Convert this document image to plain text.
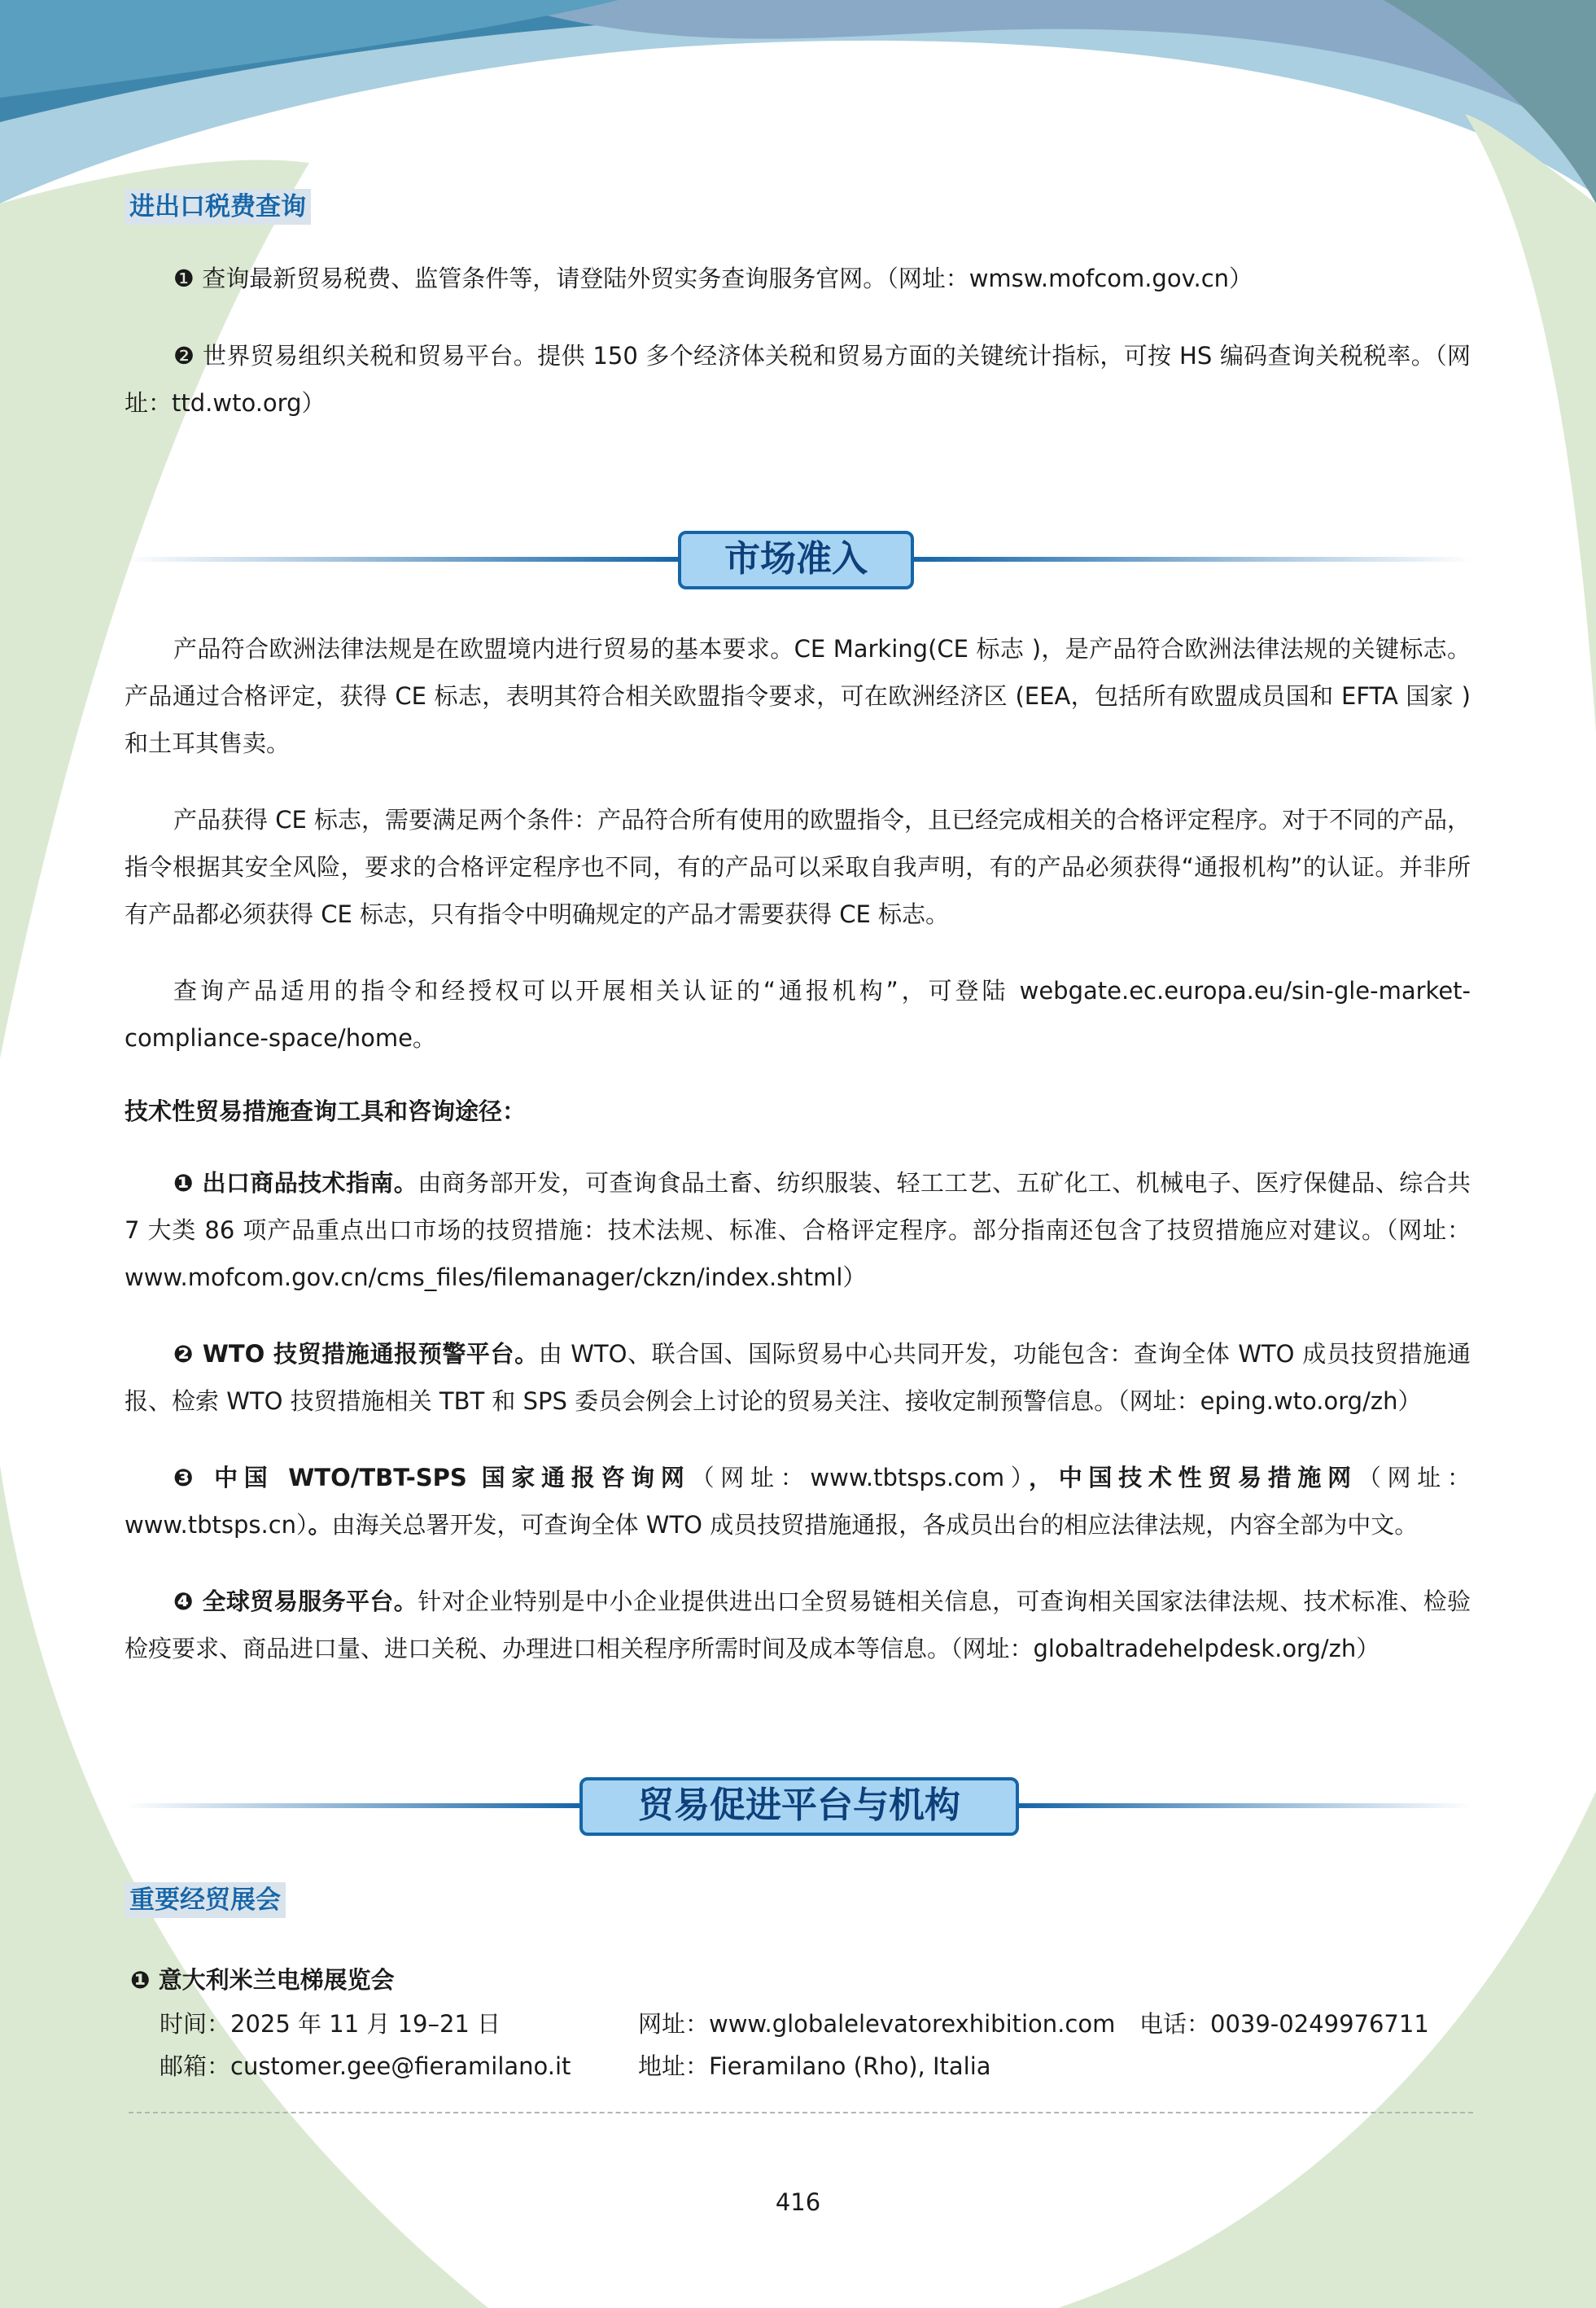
进出口税费查询

❶ 查询最新贸易税费、监管条件等，请登陆外贸实务查询服务官网。（网址：wmsw.mofcom.gov.cn）

❷ 世界贸易组织关税和贸易平台。提供 150 多个经济体关税和贸易方面的关键统计指标，可按 HS 编码查询关税税率。（网址：ttd.wto.org）

市场准入

产品符合欧洲法律法规是在欧盟境内进行贸易的基本要求。CE Marking(CE 标志 )，是产品符合欧洲法律法规的关键标志。产品通过合格评定，获得 CE 标志，表明其符合相关欧盟指令要求，可在欧洲经济区 (EEA，包括所有欧盟成员国和 EFTA 国家 ) 和土耳其售卖。

产品获得 CE 标志，需要满足两个条件：产品符合所有使用的欧盟指令，且已经完成相关的合格评定程序。对于不同的产品，指令根据其安全风险，要求的合格评定程序也不同，有的产品可以采取自我声明，有的产品必须获得“通报机构”的认证。并非所有产品都必须获得 CE 标志，只有指令中明确规定的产品才需要获得 CE 标志。

查询产品适用的指令和经授权可以开展相关认证的“通报机构”，可登陆 webgate.ec.europa.eu/sin-gle-market-compliance-space/home。

技术性贸易措施查询工具和咨询途径：

❶ 出口商品技术指南。由商务部开发，可查询食品土畜、纺织服装、轻工工艺、五矿化工、机械电子、医疗保健品、综合共 7 大类 86 项产品重点出口市场的技贸措施：技术法规、标准、合格评定程序。部分指南还包含了技贸措施应对建议。（网址：www.mofcom.gov.cn/cms_files/filemanager/ckzn/index.shtml）

❷ WTO 技贸措施通报预警平台。由 WTO、联合国、国际贸易中心共同开发，功能包含：查询全体 WTO 成员技贸措施通报、检索 WTO 技贸措施相关 TBT 和 SPS 委员会例会上讨论的贸易关注、接收定制预警信息。（网址：eping.wto.org/zh）

❸ 中国 WTO/TBT-SPS 国家通报咨询网（网址：www.tbtsps.com），中国技术性贸易措施网（网址：www.tbtsps.cn）。由海关总署开发，可查询全体 WTO 成员技贸措施通报，各成员出台的相应法律法规，内容全部为中文。

❹ 全球贸易服务平台。针对企业特别是中小企业提供进出口全贸易链相关信息，可查询相关国家法律法规、技术标准、检验检疫要求、商品进口量、进口关税、办理进口相关程序所需时间及成本等信息。（网址：globaltradehelpdesk.org/zh）

贸易促进平台与机构
重要经贸展会
❶ 意大利米兰电梯展览会
时间：2025 年 11 月 19–21 日	网址：www.globalelevatorexhibition.com 电话：0039-0249976711
邮箱：customer.gee@fieramilano.it	地址：Fieramilano (Rho), Italia
416
